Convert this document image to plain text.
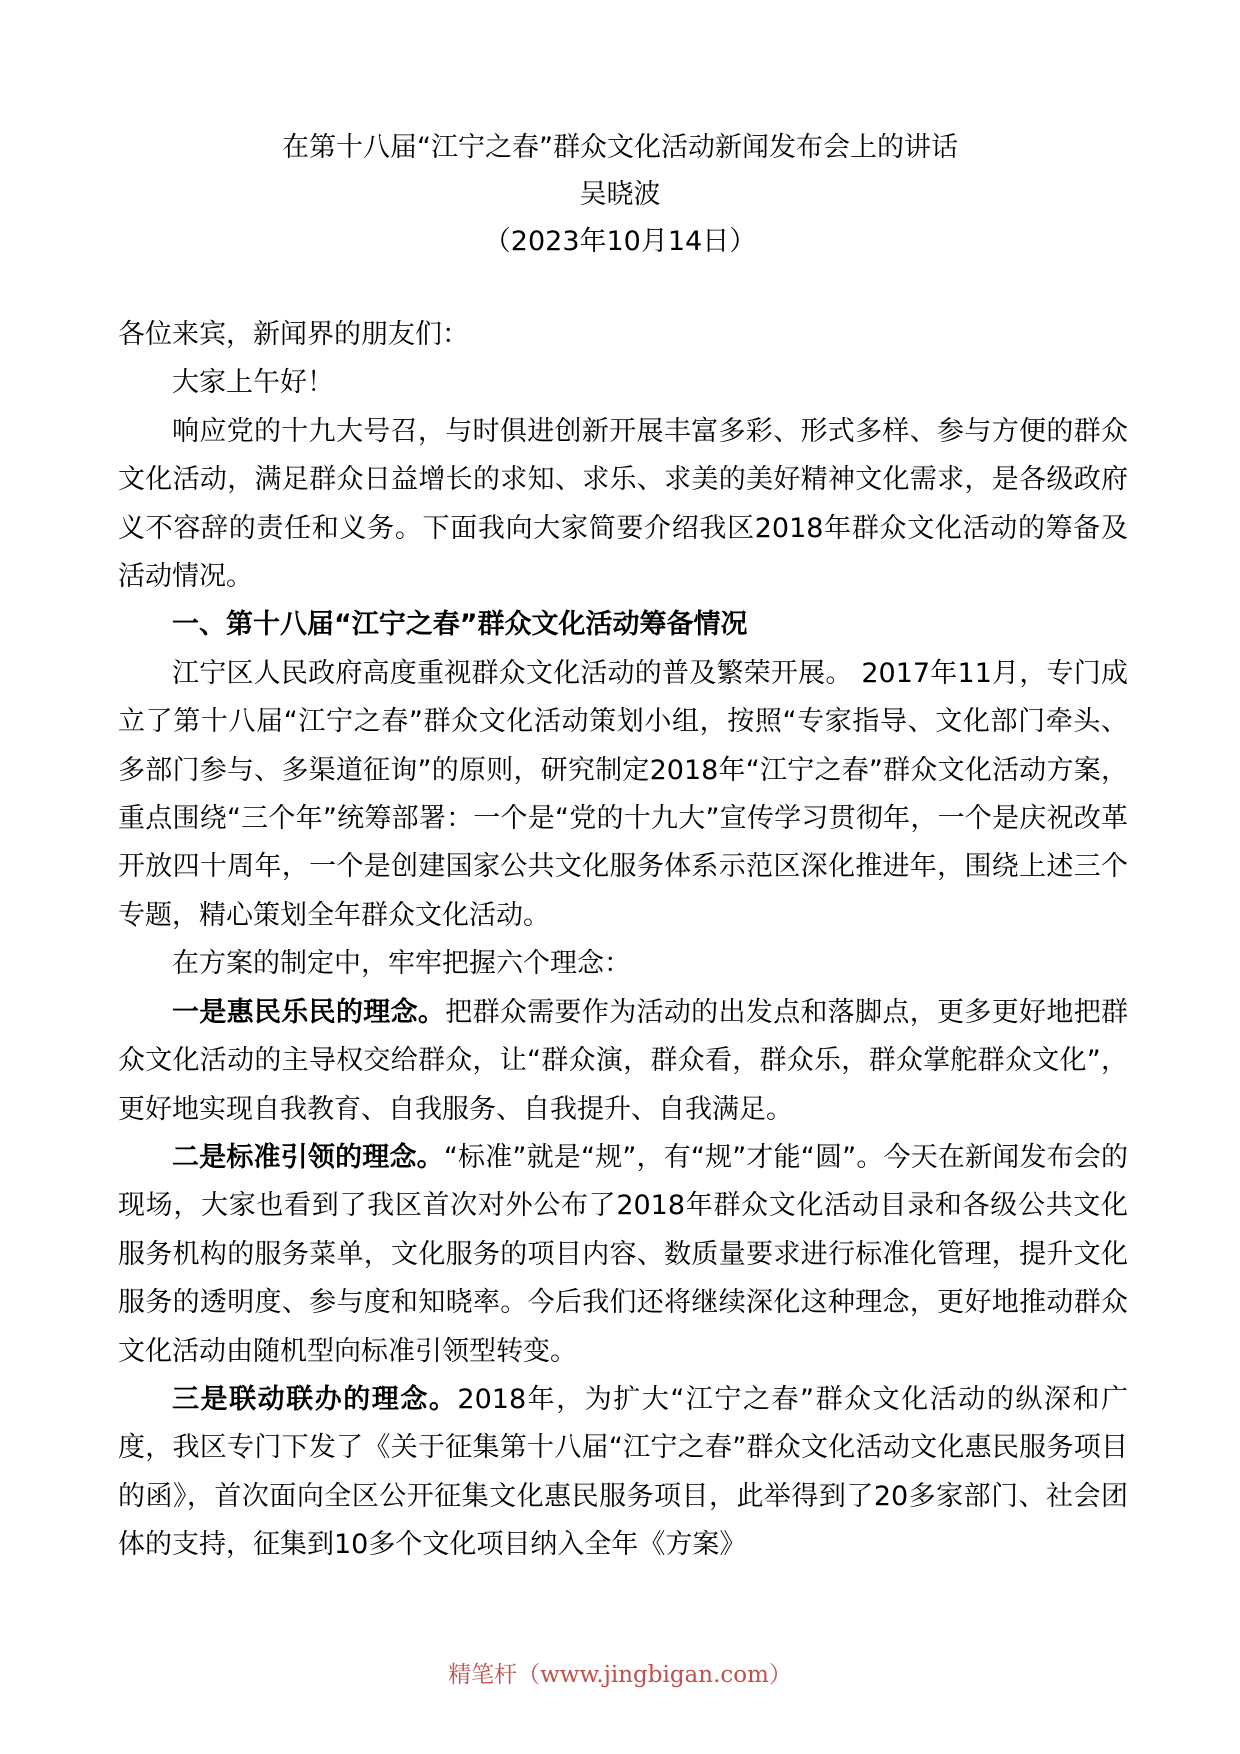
在第十八届“江宁之春”群众文化活动新闻发布会上的讲话
吴晓波
（2023年10月14日）

各位来宾，新闻界的朋友们：

大家上午好！

响应党的十九大号召，与时俱进创新开展丰富多彩、形式多样、参与方便的群众文化活动，满足群众日益增长的求知、求乐、求美的美好精神文化需求，是各级政府义不容辞的责任和义务。下面我向大家简要介绍我区2018年群众文化活动的筹备及活动情况。

一、第十八届“江宁之春”群众文化活动筹备情况

江宁区人民政府高度重视群众文化活动的普及繁荣开展。 2017年11月，专门成立了第十八届“江宁之春”群众文化活动策划小组，按照“专家指导、文化部门牵头、多部门参与、多渠道征询”的原则，研究制定2018年“江宁之春”群众文化活动方案，重点围绕“三个年”统筹部署：一个是“党的十九大”宣传学习贯彻年，一个是庆祝改革开放四十周年，一个是创建国家公共文化服务体系示范区深化推进年，围绕上述三个专题，精心策划全年群众文化活动。

在方案的制定中，牢牢把握六个理念：

一是惠民乐民的理念。把群众需要作为活动的出发点和落脚点，更多更好地把群众文化活动的主导权交给群众，让“群众演，群众看，群众乐，群众掌舵群众文化”，更好地实现自我教育、自我服务、自我提升、自我满足。

二是标准引领的理念。“标准”就是“规”，有“规”才能“圆”。今天在新闻发布会的现场，大家也看到了我区首次对外公布了2018年群众文化活动目录和各级公共文化服务机构的服务菜单，文化服务的项目内容、数质量要求进行标准化管理，提升文化服务的透明度、参与度和知晓率。今后我们还将继续深化这种理念，更好地推动群众文化活动由随机型向标准引领型转变。

三是联动联办的理念。2018年，为扩大“江宁之春”群众文化活动的纵深和广度，我区专门下发了《关于征集第十八届“江宁之春”群众文化活动文化惠民服务项目的函》，首次面向全区公开征集文化惠民服务项目，此举得到了20多家部门、社会团体的支持，征集到10多个文化项目纳入全年《方案》

精笔杆（www.jingbigan.com）
